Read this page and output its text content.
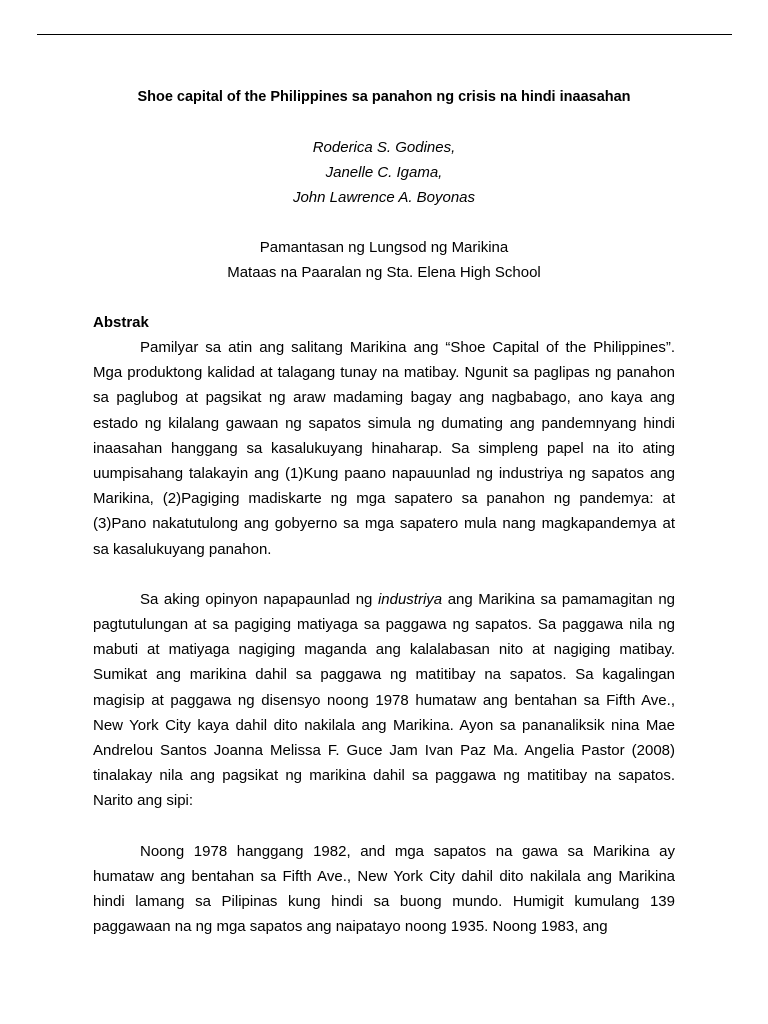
Shoe capital of the Philippines sa panahon ng crisis na hindi inaasahan
Roderica S. Godines,
Janelle C. Igama,
John Lawrence A. Boyonas
Pamantasan ng Lungsod ng Marikina
Mataas na Paaralan ng Sta. Elena High School
Abstrak

Pamilyar sa atin ang salitang Marikina ang “Shoe Capital of the Philippines”. Mga produktong kalidad at talagang tunay na matibay. Ngunit sa paglipas ng panahon sa paglubog at pagsikat ng araw madaming bagay ang nagbabago, ano kaya ang estado ng kilalang gawaan ng sapatos simula ng dumating ang pandemnyang hindi inaasahan hanggang sa kasalukuyang hinaharap. Sa simpleng papel na ito ating uumpisahang talakayin ang (1)Kung paano napauunlad ng industriya ng sapatos ang Marikina, (2)Pagiging madiskarte ng mga sapatero sa panahon ng pandemya: at (3)Pano nakatutulong ang gobyerno sa mga sapatero mula nang magkapandemya at sa kasalukuyang panahon.

Sa aking opinyon napapaunlad ng industriya ang Marikina sa pamamagitan ng pagtutulungan at sa pagiging matiyaga sa paggawa ng sapatos. Sa paggawa nila ng mabuti at matiyaga nagiging maganda ang kalalabasan nito at nagiging matibay. Sumikat ang marikina dahil sa paggawa ng matitibay na sapatos. Sa kagalingan magisip at paggawa ng disensyo noong 1978 humataw ang bentahan sa Fifth Ave., New York City kaya dahil dito nakilala ang Marikina. Ayon sa pananaliksik nina Mae Andrelou Santos Joanna Melissa F. Guce Jam Ivan Paz Ma. Angelia Pastor (2008) tinalakay nila ang pagsikat ng marikina dahil sa paggawa ng matitibay na sapatos. Narito ang sipi:

Noong 1978 hanggang 1982, and mga sapatos na gawa sa Marikina ay humataw ang bentahan sa Fifth Ave., New York City dahil dito nakilala ang Marikina hindi lamang sa Pilipinas kung hindi sa buong mundo. Humigit kumulang 139 paggawaan na ng mga sapatos ang naipatayo noong 1935. Noong 1983, ang
